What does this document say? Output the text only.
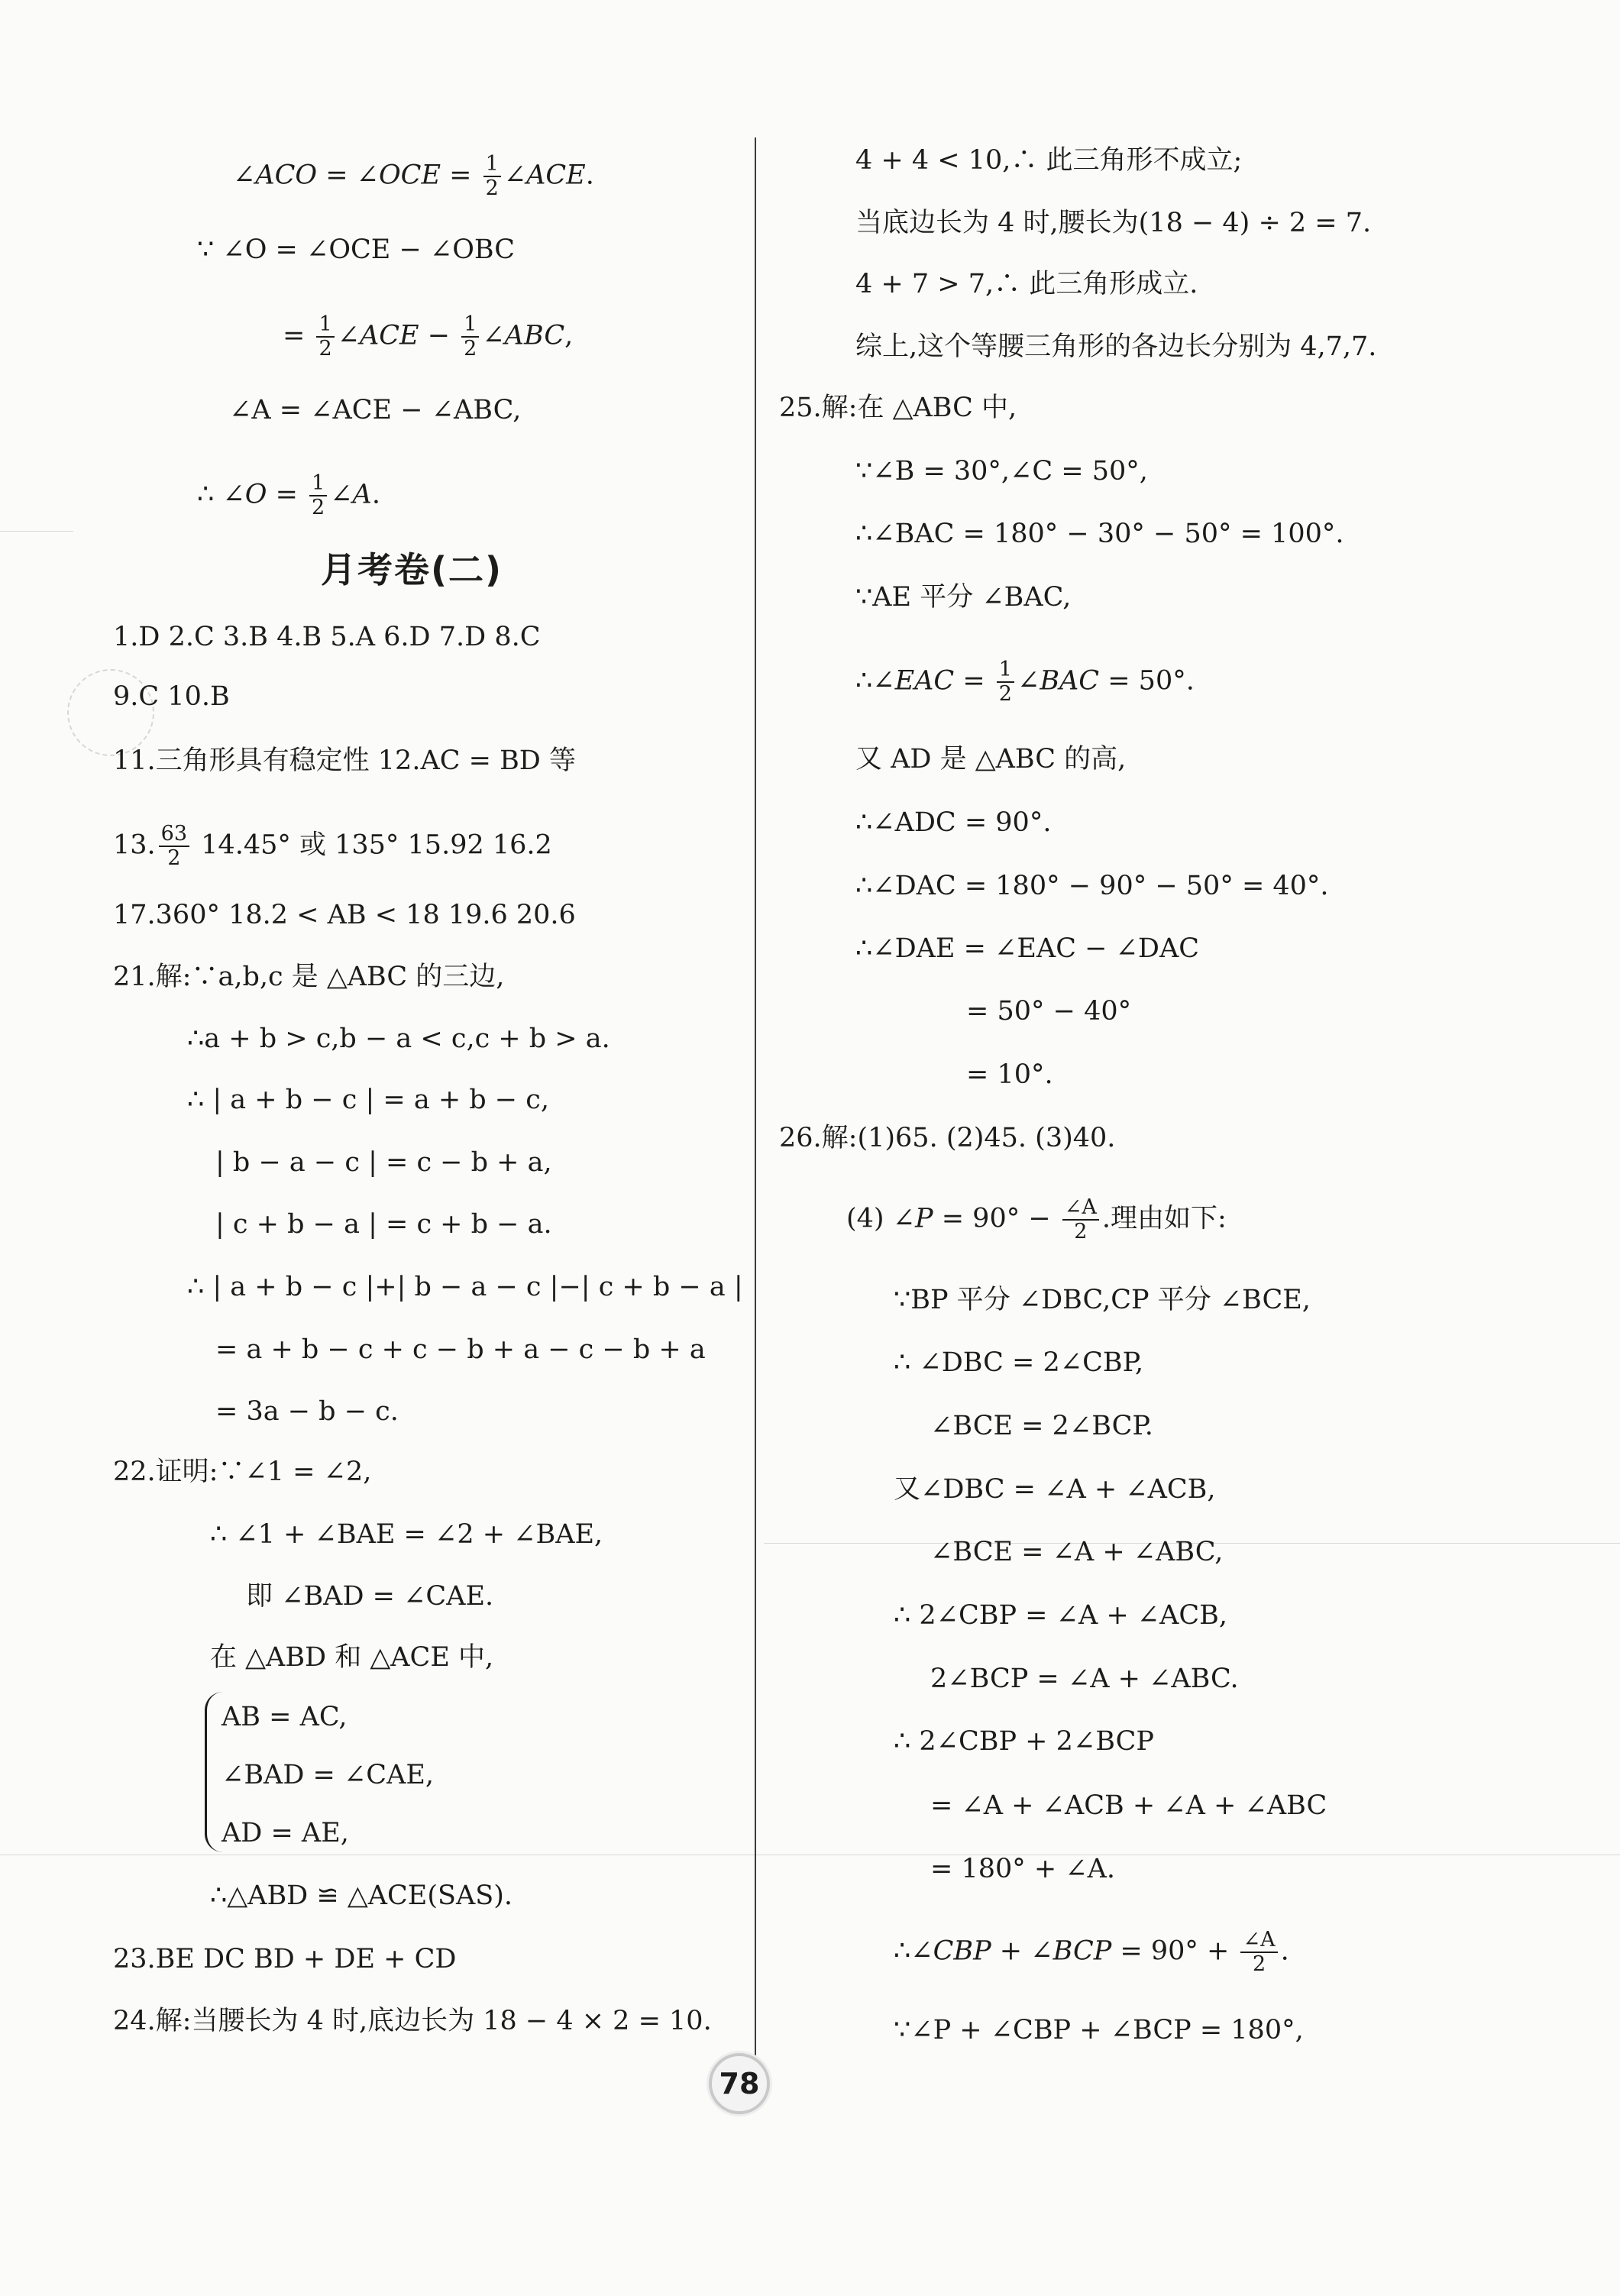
∠ACO = ∠OCE = $\frac{1}{2}$ ∠ACE.
∵ ∠O = ∠OCE − ∠OBC
= $\frac{1}{2}$ ∠ACE − $\frac{1}{2}$ ∠ABC,
∠A = ∠ACE − ∠ABC,
∴ ∠O = $\frac{1}{2}$ ∠A.
月考卷(二)
1.D 2.C 3.B 4.B 5.A 6.D 7.D 8.C
9.C 10.B
11.三角形具有稳定性 12.AC = BD 等
13. $\frac{63}{2} 14.45^\circ$ 或 135° 15.92 16.2
17.360° 18.2 < AB < 18 19.6 20.6
21.解:∵a,b,c 是 △ABC 的三边,
∴a + b > c,b − a < c,c + b > a.
∴ | a + b − c | = a + b − c,
| b − a − c | = c − b + a,
| c + b − a | = c + b − a.
∴ | a + b − c |+| b − a − c |−| c + b − a |
= a + b − c + c − b + a − c − b + a
= 3a − b − c.
22.证明:∵∠1 = ∠2,
∴ ∠1 + ∠BAE = ∠2 + ∠BAE,
即 ∠BAD = ∠CAE.
在 △ABD 和 △ACE 中,
AB = AC,
∠BAD = ∠CAE,
AD = AE,
∴△ABD ≌ △ACE(SAS).
23.BE DC BD + DE + CD
24.解:当腰长为 4 时,底边长为 18 − 4 × 2 = 10.
4 + 4 < 10,∴ 此三角形不成立;
当底边长为 4 时,腰长为(18 − 4) ÷ 2 = 7.
4 + 7 > 7,∴ 此三角形成立.
综上,这个等腰三角形的各边长分别为 4,7,7.
25.解:在 △ABC 中,
∵∠B = 30°,∠C = 50°,
∴∠BAC = 180° − 30° − 50° = 100°.
∵AE 平分 ∠BAC,
∴∠EAC = $\frac{1}{2}$ ∠BAC = 50°.
又 AD 是 △ABC 的高,
∴∠ADC = 90°.
∴∠DAC = 180° − 90° − 50° = 40°.
∴∠DAE = ∠EAC − ∠DAC
= 50° − 40°
= 10°.
26.解:(1)65. (2)45. (3)40.
(4) ∠P = $90^\circ - \frac{\angle A}{2}$ .理由如下:
∵BP 平分 ∠DBC,CP 平分 ∠BCE,
∴ ∠DBC = 2∠CBP,
∠BCE = 2∠BCP.
又∠DBC = ∠A + ∠ACB,
∠BCE = ∠A + ∠ABC,
∴ 2∠CBP = ∠A + ∠ACB,
2∠BCP = ∠A + ∠ABC.
∴ 2∠CBP + 2∠BCP
= ∠A + ∠ACB + ∠A + ∠ABC
= 180° + ∠A.
∴∠CBP + ∠BCP = $90^\circ + \frac{\angle A}{2}$ .
∵∠P + ∠CBP + ∠BCP = 180°,
78
